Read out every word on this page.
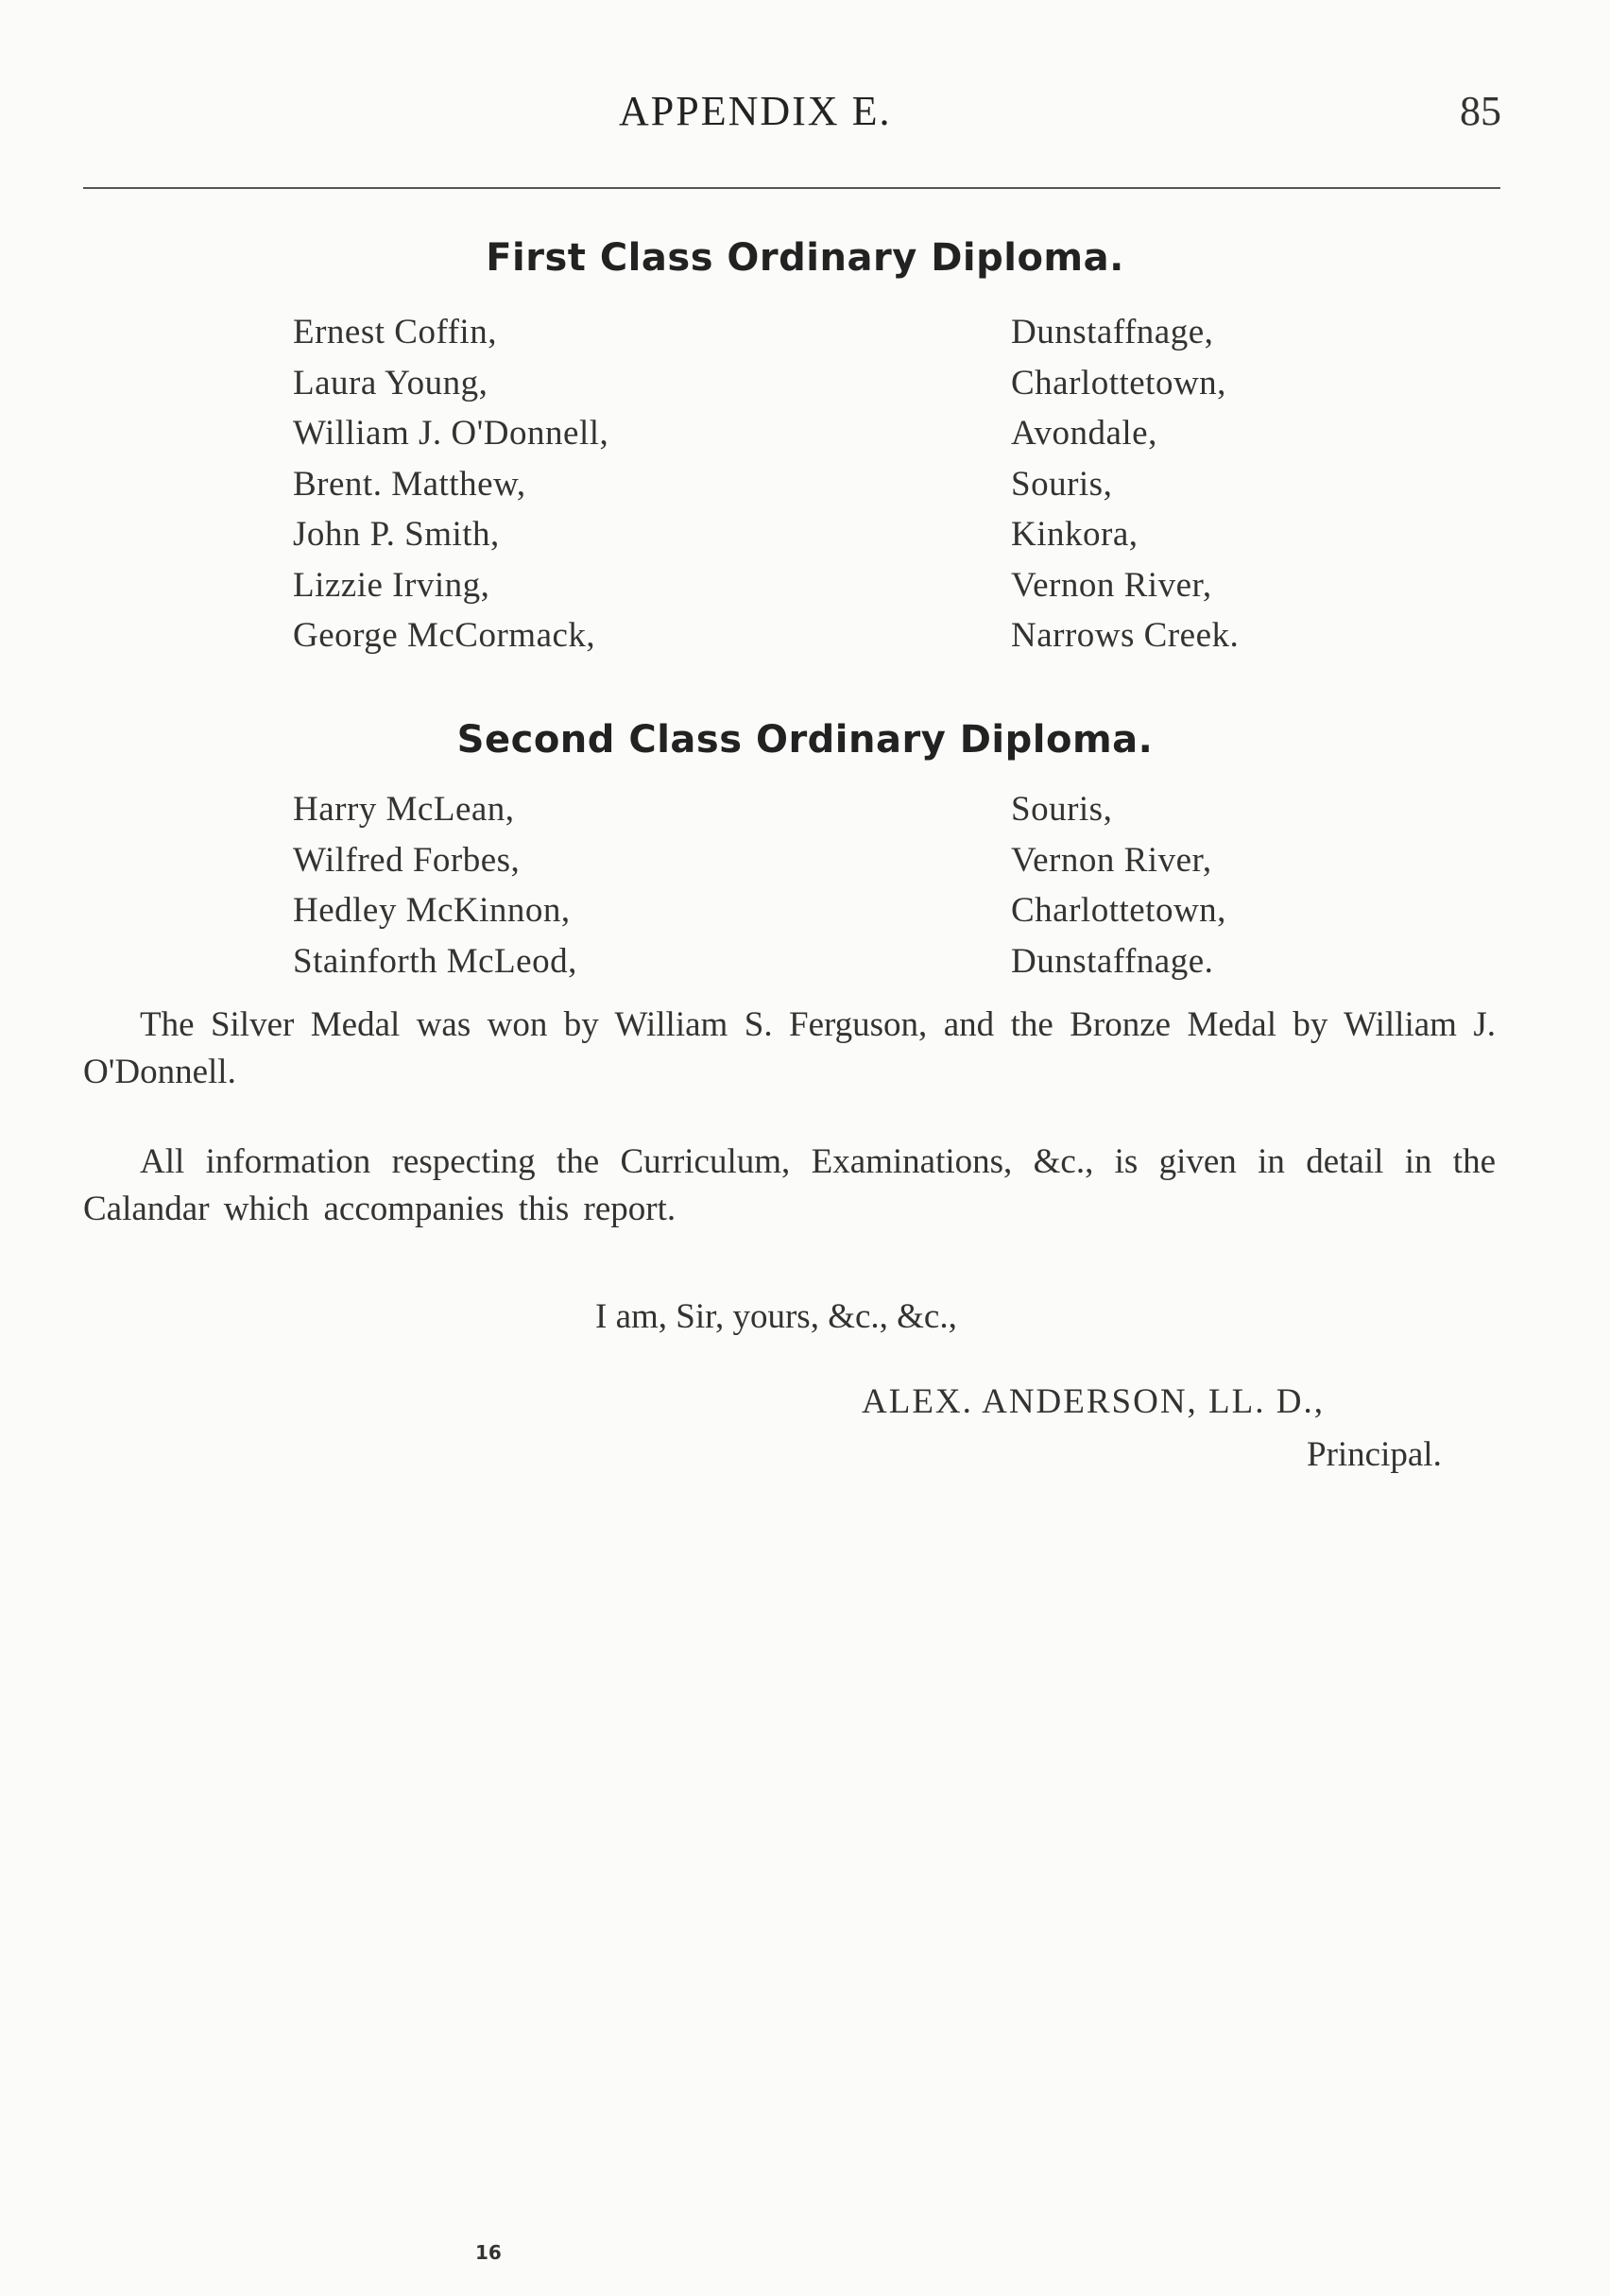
APPENDIX E.	85
First Class Ordinary Diploma.
Ernest Coffin,	Dunstaffnage,
Laura Young,	Charlottetown,
William J. O'Donnell,	Avondale,
Brent. Matthew,	Souris,
John P. Smith,	Kinkora,
Lizzie Irving,	Vernon River,
George McCormack,	Narrows Creek.
Second Class Ordinary Diploma.
Harry McLean,	Souris,
Wilfred Forbes,	Vernon River,
Hedley McKinnon,	Charlottetown,
Stainforth McLeod,	Dunstaffnage.

The Silver Medal was won by William S. Ferguson, and the Bronze Medal by William J. O'Donnell.

All information respecting the Curriculum, Examinations, &c., is given in detail in the Calandar which accompanies this report.

I am, Sir, yours, &c., &c.,
ALEX. ANDERSON, LL. D.,
Principal.
16
